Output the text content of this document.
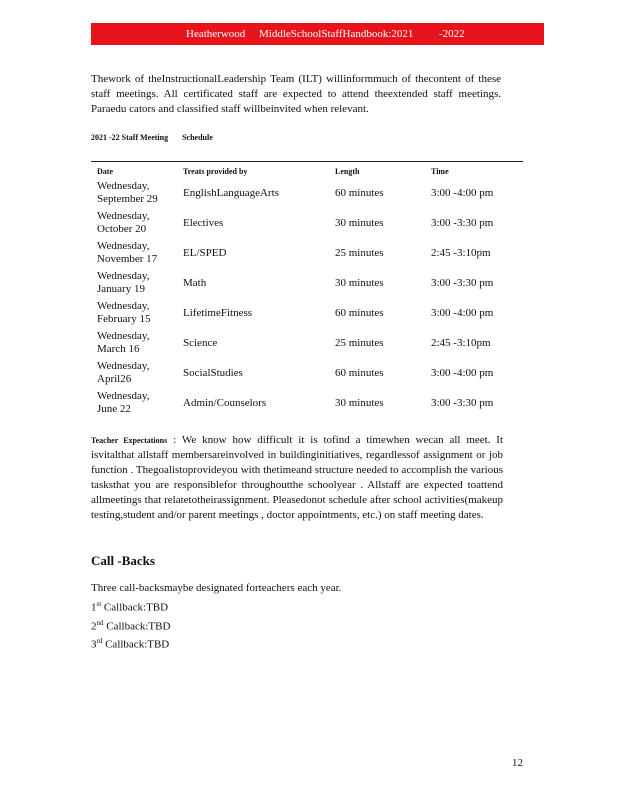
Heatherwood MiddleSchoolStaffHandbook:2021 -2022

Thework of theInstructionalLeadership Team (ILT) willinformmuch of thecontent of these staff meetings. All certificated staff are expected to attend theextended staff meetings. Paraedu cators and classified staff willbeinvited when relevant.

2021 -22 Staff Meeting Schedule
Date	Treats provided by	Length	Time
Wednesday,
September 29	EnglishLanguageArts	60 minutes	3:00 -4:00 pm
Wednesday,
October 20	Electives	30 minutes	3:00 -3:30 pm
Wednesday,
November 17	EL/SPED	25 minutes	2:45 -3:10pm
Wednesday,
January 19	Math	30 minutes	3:00 -3:30 pm
Wednesday,
February 15	LifetimeFitness	60 minutes	3:00 -4:00 pm
Wednesday,
March 16	Science	25 minutes	2:45 -3:10pm
Wednesday,
April26	SocialStudies	60 minutes	3:00 -4:00 pm
Wednesday,
June 22	Admin/Counselors	30 minutes	3:00 -3:30 pm

Teacher Expectations : We know how difficult it is tofind a timewhen wecan all meet. It isvitalthat allstaff membersareinvolved in buildinginitiatives, regardlessof assignment or job function . Thegoalistoprovideyou with thetimeand structure needed to accomplish the various tasksthat you are responsiblefor throughoutthe schoolyear . Allstaff are expected toattend allmeetings that relatetotheirassignment. Pleasedonot schedule after school activities(makeup testing,student and/or parent meetings , doctor appointments, etc.) on staff meeting dates.

Call -Backs
Three call-backsmaybe designated forteachers each year.
1st Callback:TBD
2nd Callback:TBD
3rd Callback:TBD
12
